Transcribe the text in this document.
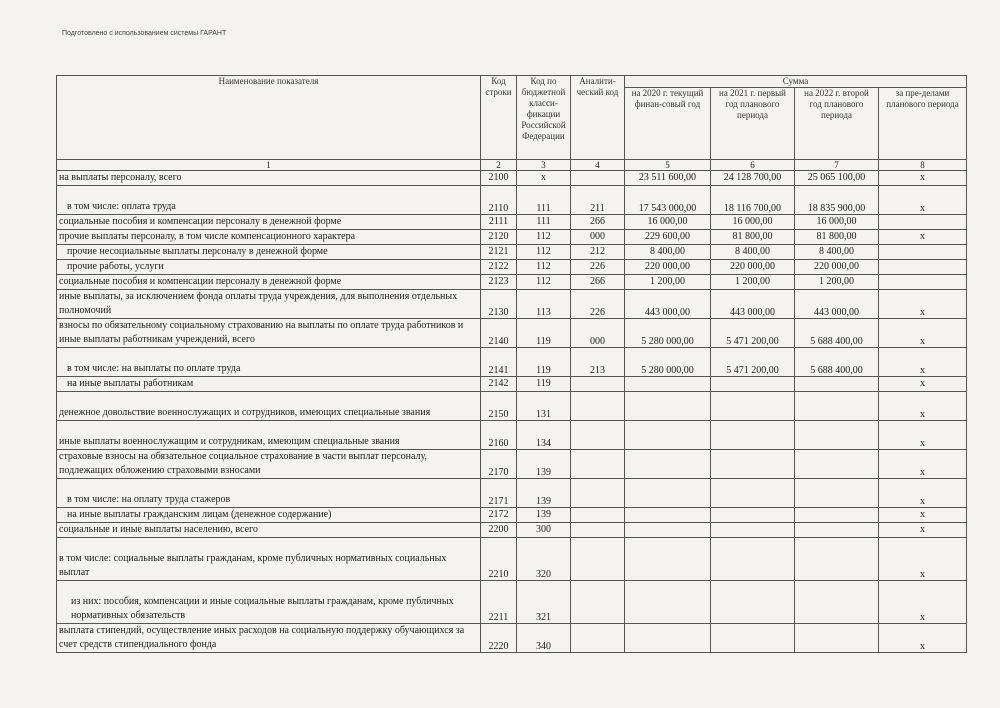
Подготовлено с использованием системы ГАРАНТ
Наименование показателя	Код строки	Код по бюджетной класси-фикации Российской Федерации	Аналити-ческий код	Сумма			
				на 2020 г. текущий финан-совый год	на 2021 г. первый год планового периода	на 2022 г. второй год планового периода	за пре-делами планового периода
1	2	3	4	5	6	7	8
на выплаты персоналу, всего	2100	x		23 511 600,00	24 128 700,00	25 065 100,00	x
в том числе: оплата труда	2110	111	211	17 543 000,00	18 116 700,00	18 835 900,00	x
социальные пособия и компенсации персоналу в денежной форме	2111	111	266	16 000,00	16 000,00	16 000,00	
прочие выплаты персоналу, в том числе компенсационного характера	2120	112	000	229 600,00	81 800,00	81 800,00	x
прочие несоциальные выплаты персоналу в денежной форме	2121	112	212	8 400,00	8 400,00	8 400,00	
прочие работы, услуги	2122	112	226	220 000,00	220 000,00	220 000,00	
социальные пособия и компенсации персоналу в денежной форме	2123	112	266	1 200,00	1 200,00	1 200,00	
иные выплаты, за исключением фонда оплаты труда учреждения, для выполнения отдельных полномочий	2130	113	226	443 000,00	443 000,00	443 000,00	x
взносы по обязательному социальному страхованию на выплаты по оплате труда работников и иные выплаты работникам учреждений, всего	2140	119	000	5 280 000,00	5 471 200,00	5 688 400,00	x
в том числе: на выплаты по оплате труда	2141	119	213	5 280 000,00	5 471 200,00	5 688 400,00	x
на иные выплаты работникам	2142	119					x
денежное довольствие военнослужащих и сотрудников, имеющих специальные звания	2150	131					x
иные выплаты военнослужащим и сотрудникам, имеющим специальные звания	2160	134					x
страховые взносы на обязательное социальное страхование в части выплат персоналу, подлежащих обложению страховыми взносами	2170	139					x
в том числе: на оплату труда стажеров	2171	139					x
на иные выплаты гражданским лицам (денежное содержание)	2172	139					x
социальные и иные выплаты населению, всего	2200	300					x
в том числе: социальные выплаты гражданам, кроме публичных нормативных социальных выплат	2210	320					x
из них: пособия, компенсации и иные социальные выплаты гражданам, кроме публичных нормативных обязательств	2211	321					x
выплата стипендий, осуществление иных расходов на социальную поддержку обучающихся за счет средств стипендиального фонда	2220	340					x
